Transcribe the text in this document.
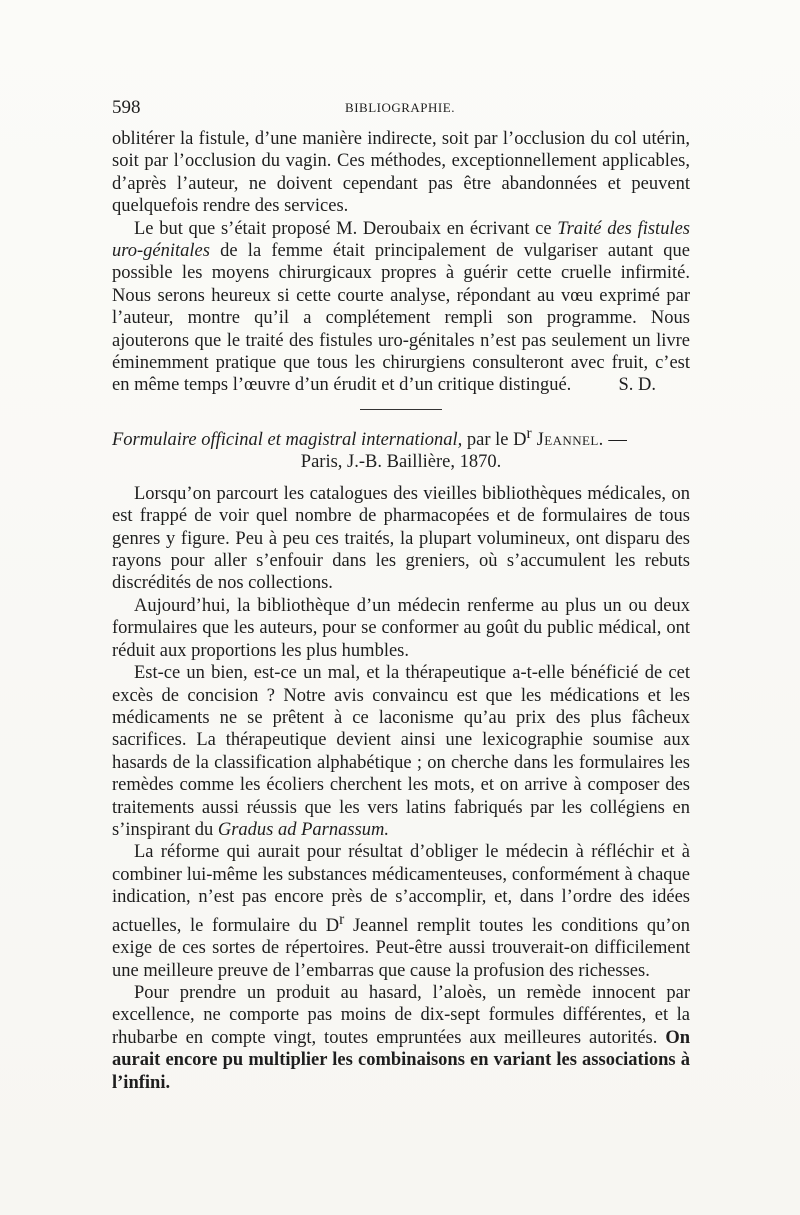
598	BIBLIOGRAPHIE.

oblitérer la fistule, d’une manière indirecte, soit par l’occlusion du col utérin, soit par l’occlusion du vagin. Ces méthodes, exceptionnellement applicables, d’après l’auteur, ne doivent cependant pas être abandonnées et peuvent quelquefois rendre des services.

Le but que s’était proposé M. Deroubaix en écrivant ce Traité des fistules uro-génitales de la femme était principalement de vulgariser autant que possible les moyens chirurgicaux propres à guérir cette cruelle infirmité. Nous serons heureux si cette courte analyse, répondant au vœu exprimé par l’auteur, montre qu’il a complétement rempli son programme. Nous ajouterons que le traité des fistules uro-génitales n’est pas seulement un livre éminemment pratique que tous les chirurgiens consulteront avec fruit, c’est en même temps l’œuvre d’un érudit et d’un critique distingué.	S. D.

Formulaire officinal et magistral international, par le $D^r$ Jeannel. —

Paris, J.-B. Baillière, 1870.

Lorsqu’on parcourt les catalogues des vieilles bibliothèques médicales, on est frappé de voir quel nombre de pharmacopées et de formulaires de tous genres y figure. Peu à peu ces traités, la plupart volumineux, ont disparu des rayons pour aller s’enfouir dans les greniers, où s’accumulent les rebuts discrédités de nos collections.

Aujourd’hui, la bibliothèque d’un médecin renferme au plus un ou deux formulaires que les auteurs, pour se conformer au goût du public médical, ont réduit aux proportions les plus humbles.

Est-ce un bien, est-ce un mal, et la thérapeutique a-t-elle bénéficié de cet excès de concision ? Notre avis convaincu est que les médications et les médicaments ne se prêtent à ce laconisme qu’au prix des plus fâcheux sacrifices. La thérapeutique devient ainsi une lexicographie soumise aux hasards de la classification alphabétique ; on cherche dans les formulaires les remèdes comme les écoliers cherchent les mots, et on arrive à composer des traitements aussi réussis que les vers latins fabriqués par les collégiens en s’inspirant du Gradus ad Parnassum.

La réforme qui aurait pour résultat d’obliger le médecin à réfléchir et à combiner lui-même les substances médicamenteuses, conformément à chaque indication, n’est pas encore près de s’accomplir, et, dans l’ordre des idées actuelles, le formulaire du $D^r$ Jeannel remplit toutes les conditions qu’on exige de ces sortes de répertoires. Peut-être aussi trouverait-on difficilement une meilleure preuve de l’embarras que cause la profusion des richesses.

Pour prendre un produit au hasard, l’aloès, un remède innocent par excellence, ne comporte pas moins de dix-sept formules différentes, et la rhubarbe en compte vingt, toutes empruntées aux meilleures autorités. On aurait encore pu multiplier les combinaisons en variant les associations à l’infini.
